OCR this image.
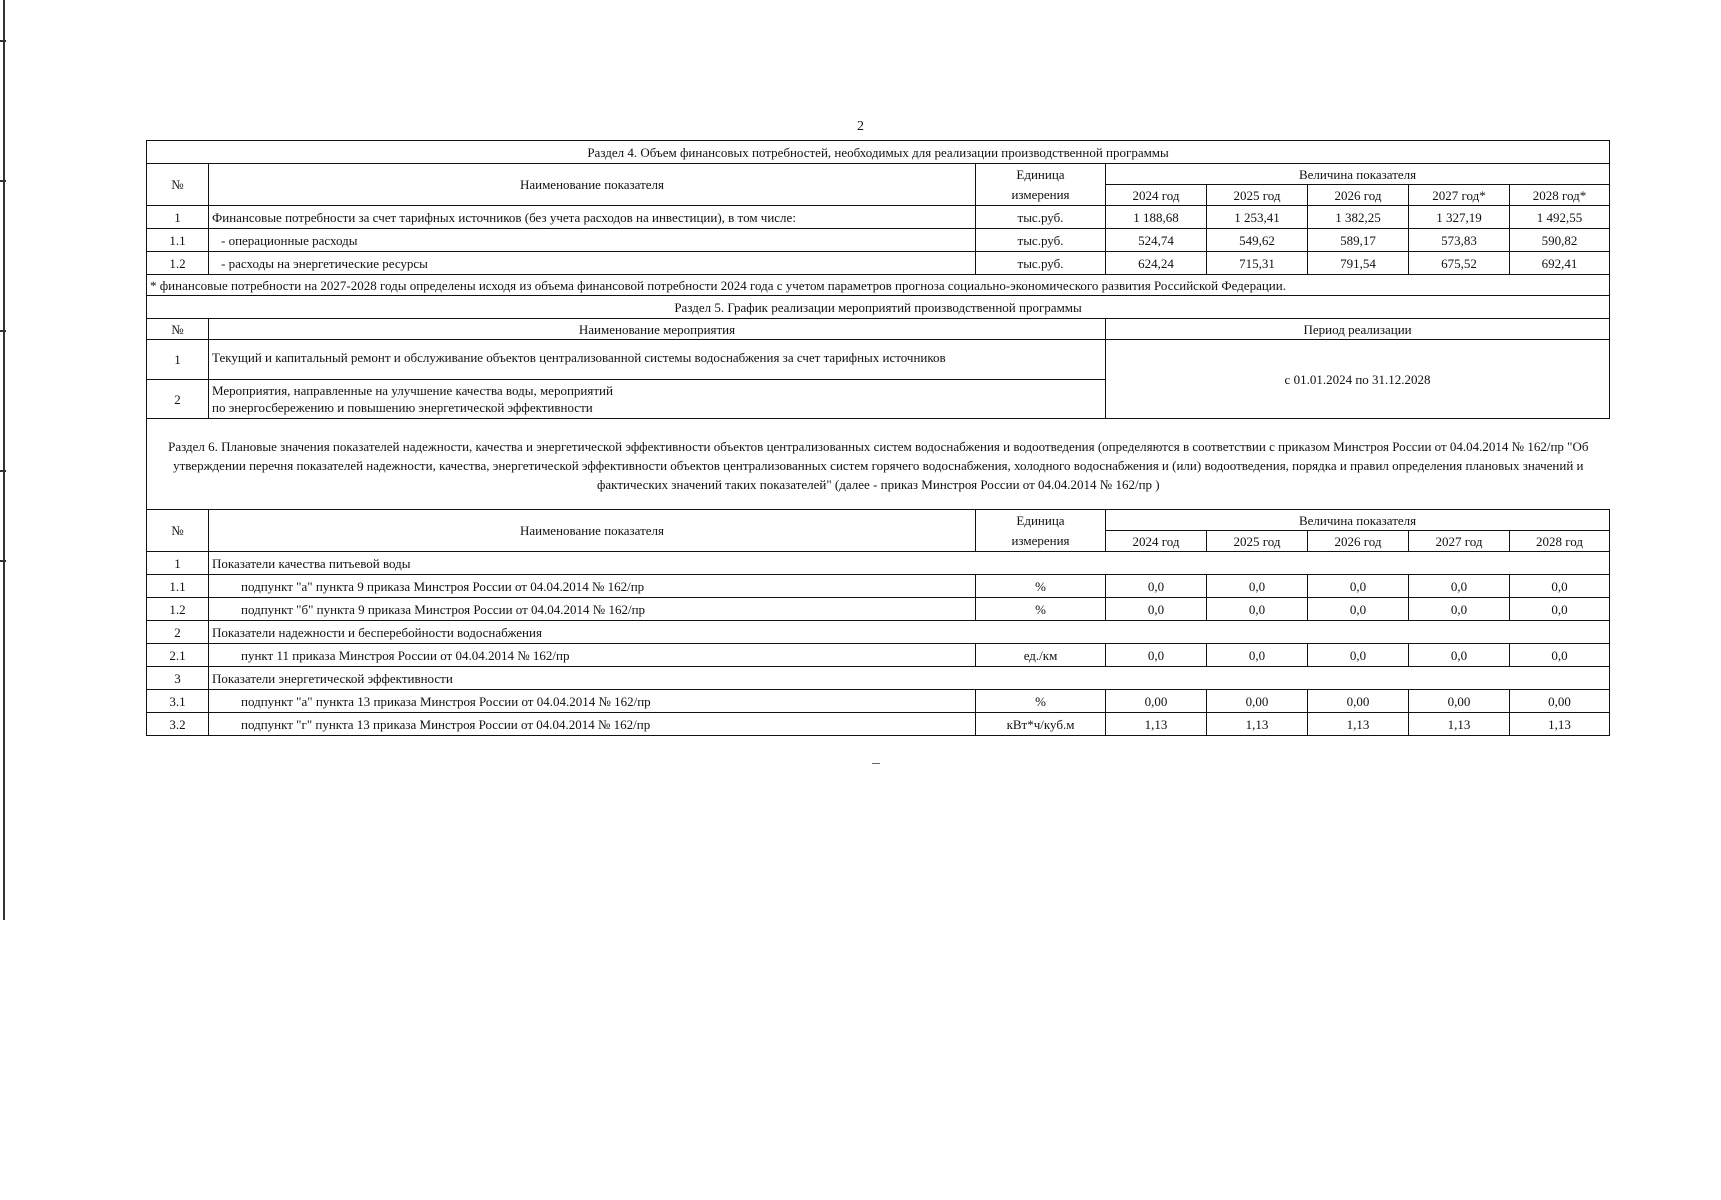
2
Раздел 4. Объем финансовых потребностей, необходимых для реализации производственной программы							
№	Наименование показателя	Единица	Величина показателя				
		измерения	2024 год	2025 год	2026 год	2027 год*	2028 год*
1	Финансовые потребности за счет тарифных источников (без учета расходов на инвестиции), в том числе:	тыс.руб.	1 188,68	1 253,41	1 382,25	1 327,19	1 492,55
1.1	- операционные расходы	тыс.руб.	524,74	549,62	589,17	573,83	590,82
1.2	- расходы на энергетические ресурсы	тыс.руб.	624,24	715,31	791,54	675,52	692,41
* финансовые потребности на 2027-2028 годы определены исходя из объема финансовой потребности 2024 года с учетом параметров прогноза социально-экономического развития Российской Федерации.							
Раздел 5. График реализации мероприятий производственной программы							
№	Наименование мероприятия		Период реализации				
1	Текущий и капитальный ремонт и обслуживание объектов централизованной системы водоснабжения за счет тарифных источников		с 01.01.2024 по 31.12.2028				
2	Мероприятия, направленные на улучшение качества воды, мероприятий
по энергосбережению и повышению энергетической эффективности						

Раздел 6. Плановые значения показателей надежности, качества и энергетической эффективности объектов централизованных систем водоснабжения и водоотведения (определяются в соответствии с приказом Минстроя России от 04.04.2014 № 162/пр "Об утверждении перечня показателей надежности, качества, энергетической эффективности объектов централизованных систем горячего водоснабжения, холодного водоснабжения и (или) водоотведения, порядка и правил определения плановых значений и фактических значений таких показателей" (далее - приказ Минстроя России от 04.04.2014 № 162/пр )							
№	Наименование показателя	Единица	Величина показателя				
		измерения	2024 год	2025 год	2026 год	2027 год	2028 год
1	Показатели качества питьевой воды						
1.1	подпункт "а" пункта 9 приказа Минстроя России от 04.04.2014 № 162/пр	%	0,0	0,0	0,0	0,0	0,0
1.2	подпункт "б" пункта 9 приказа Минстроя России от 04.04.2014 № 162/пр	%	0,0	0,0	0,0	0,0	0,0
2	Показатели надежности и бесперебойности водоснабжения						
2.1	пункт 11 приказа Минстроя России от 04.04.2014 № 162/пр	ед./км	0,0	0,0	0,0	0,0	0,0
3	Показатели энергетической эффективности						
3.1	подпункт "а" пункта 13 приказа Минстроя России от 04.04.2014 № 162/пр	%	0,00	0,00	0,00	0,00	0,00
3.2	подпункт "г" пункта 13 приказа Минстроя России от 04.04.2014 № 162/пр	кВт*ч/куб.м	1,13	1,13	1,13	1,13	1,13
